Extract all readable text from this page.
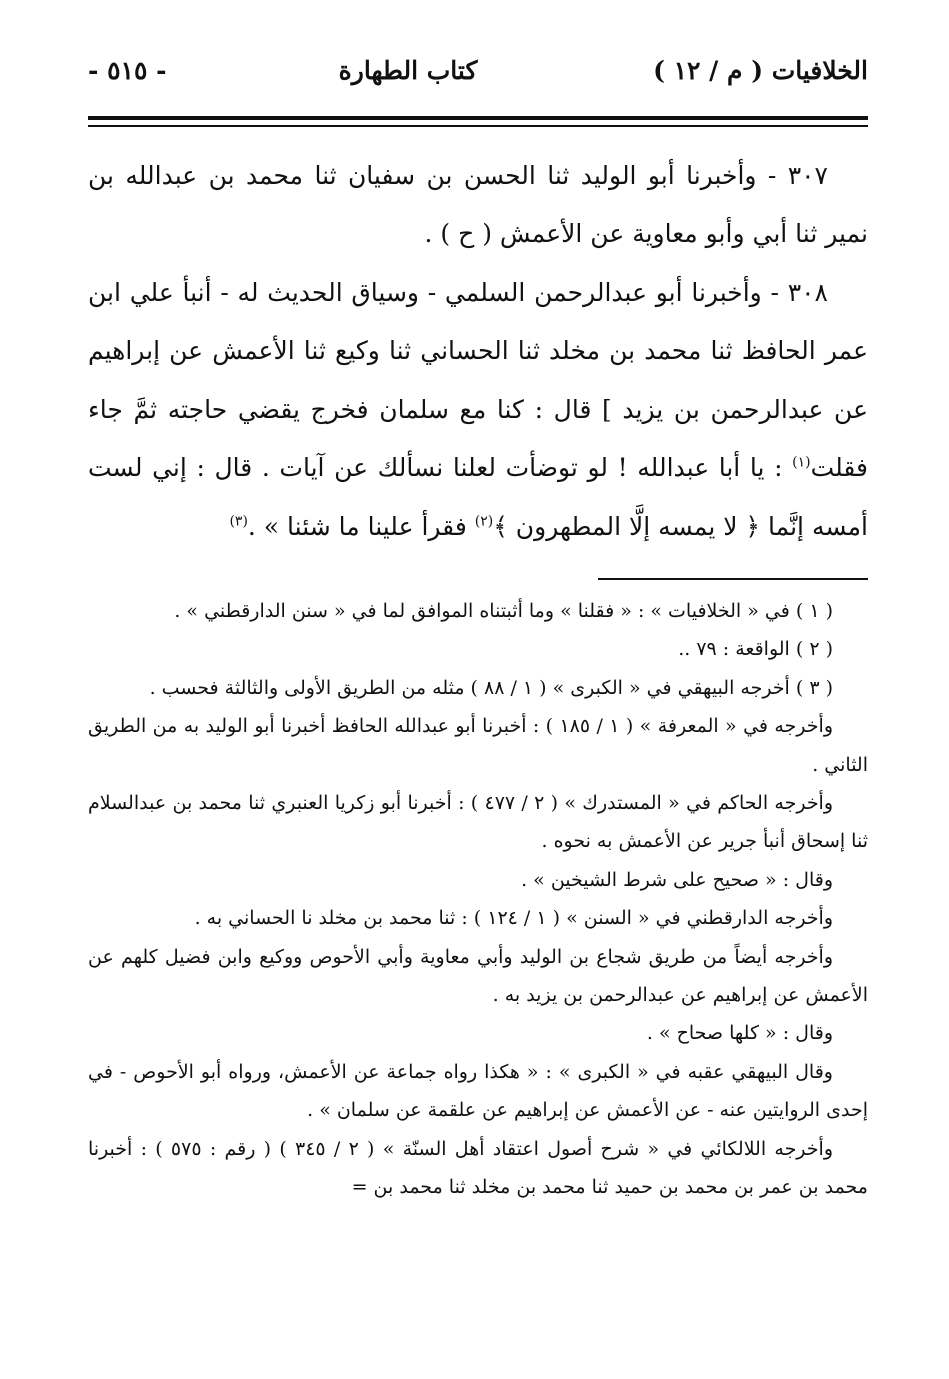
الخلافيات ( م / ١٢ )
كتاب الطهارة
- ٥١٥ -

٣٠٧ - وأخبرنا أبو الوليد ثنا الحسن بن سفيان ثنا محمد بن عبدالله بن نمير ثنا أبي وأبو معاوية عن الأعمش ( ح ) .

٣٠٨ - وأخبرنا أبو عبدالرحمن السلمي - وسياق الحديث له - أنبأ علي ابن عمر الحافظ ثنا محمد بن مخلد ثنا الحساني ثنا وكيع ثنا الأعمش عن إبراهيم عن عبدالرحمن بن يزيد ] قال : كنا مع سلمان فخرج يقضي حاجته ثمَّ جاء فقلت$^{(١)}$ : يا أبا عبدالله ! لو توضأت لعلنا نسألك عن آيات . قال : إني لست أمسه إنَّما ﴿ لا يمسه إلَّا المطهرون ﴾$^{(٢)}$ فقرأ علينا ما شئنا » .$^{(٣)}$

( ١ ) في « الخلافيات » : « فقلنا » وما أثبتناه الموافق لما في « سنن الدارقطني » .

( ٢ ) الواقعة : ٧٩ ..

( ٣ ) أخرجه البيهقي في « الكبرى » ( ١ / ٨٨ ) مثله من الطريق الأولى والثالثة فحسب .

وأخرجه في « المعرفة » ( ١ / ١٨٥ ) : أخبرنا أبو عبدالله الحافظ أخبرنا أبو الوليد به من الطريق الثاني .

وأخرجه الحاكم في « المستدرك » ( ٢ / ٤٧٧ ) : أخبرنا أبو زكريا العنبري ثنا محمد بن عبدالسلام ثنا إسحاق أنبأ جرير عن الأعمش به نحوه .

وقال : « صحيح على شرط الشيخين » .

وأخرجه الدارقطني في « السنن » ( ١ / ١٢٤ ) : ثنا محمد بن مخلد نا الحساني به .

وأخرجه أيضاً من طريق شجاع بن الوليد وأبي معاوية وأبي الأحوص ووكيع وابن فضيل كلهم عن الأعمش عن إبراهيم عن عبدالرحمن بن يزيد به .

وقال : « كلها صحاح » .

وقال البيهقي عقبه في « الكبرى » : « هكذا رواه جماعة عن الأعمش، ورواه أبو الأحوص - في إحدى الروايتين عنه - عن الأعمش عن إبراهيم عن علقمة عن سلمان » .

وأخرجه اللالكائي في « شرح أصول اعتقاد أهل السنّة » ( ٢ / ٣٤٥ ) ( رقم : ٥٧٥ ) : أخبرنا محمد بن عمر بن محمد بن حميد ثنا محمد بن مخلد ثنا محمد بن =
